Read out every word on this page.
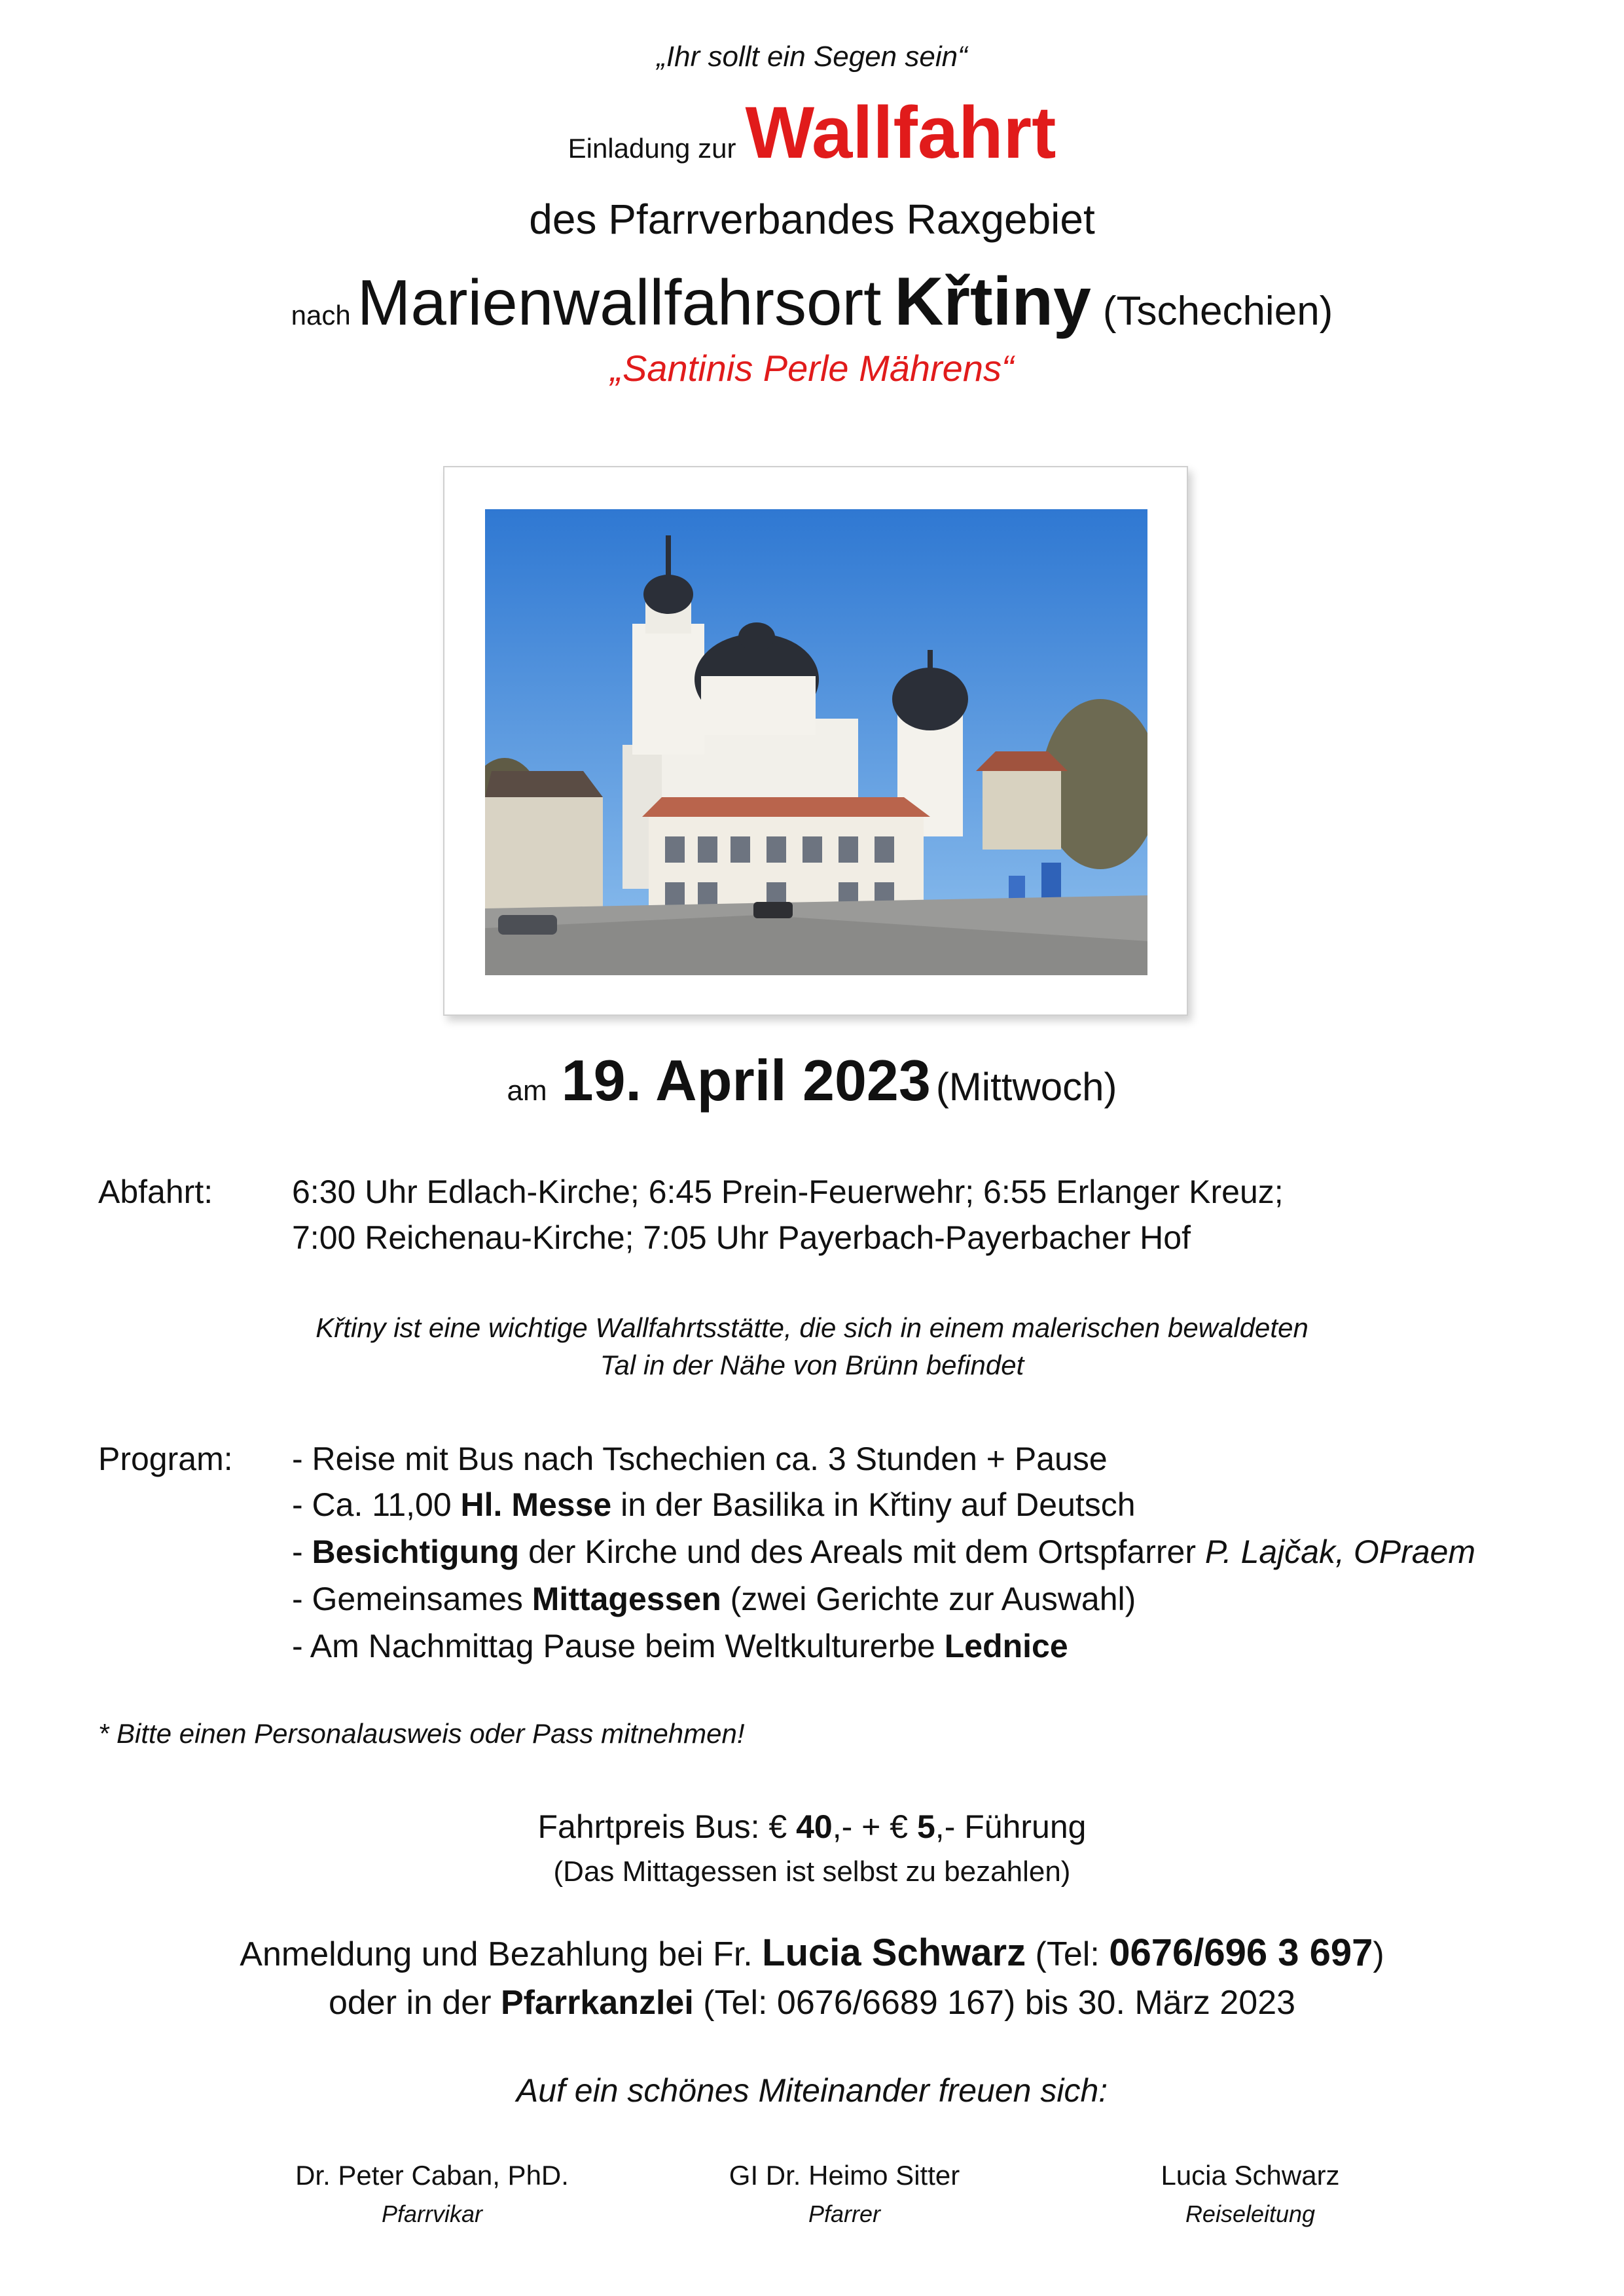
„Ihr sollt ein Segen sein“
Einladung zur Wallfahrt
des Pfarrverbandes Raxgebiet
nach Marienwallfahrsort Křtiny (Tschechien)
„Santinis Perle Mährens“
am 19. April 2023 (Mittwoch)
Abfahrt: 6:30 Uhr Edlach-Kirche; 6:45 Prein-Feuerwehr; 6:55 Erlanger Kreuz;
7:00 Reichenau-Kirche; 7:05 Uhr Payerbach-Payerbacher Hof
Křtiny ist eine wichtige Wallfahrtsstätte, die sich in einem malerischen bewaldeten
Tal in der Nähe von Brünn befindet
Program: - Reise mit Bus nach Tschechien ca. 3 Stunden + Pause
- Ca. 11,00 Hl. Messe in der Basilika in Křtiny auf Deutsch
- Besichtigung der Kirche und des Areals mit dem Ortspfarrer P. Lajčak, OPraem
- Gemeinsames Mittagessen (zwei Gerichte zur Auswahl)
- Am Nachmittag Pause beim Weltkulturerbe Lednice
* Bitte einen Personalausweis oder Pass mitnehmen!
Fahrtpreis Bus: € 40,- + € 5,- Führung
(Das Mittagessen ist selbst zu bezahlen)
Anmeldung und Bezahlung bei Fr. Lucia Schwarz (Tel: 0676/696 3 697)
oder in der Pfarrkanzlei (Tel: 0676/6689 167) bis 30. März 2023
Auf ein schönes Miteinander freuen sich:
Dr. Peter Caban, PhD.
Pfarrvikar
GI Dr. Heimo Sitter
Pfarrer
Lucia Schwarz
Reiseleitung
